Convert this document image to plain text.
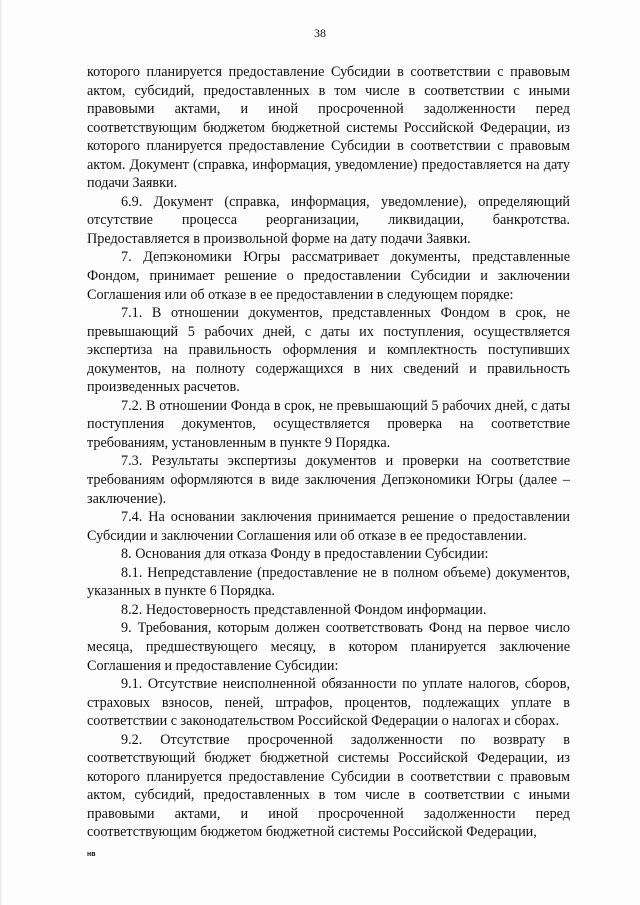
38

которого планируется предоставление Субсидии в соответствии с правовым актом, субсидий, предоставленных в том числе в соответствии с иными правовыми актами, и иной просроченной задолженности перед соответствующим бюджетом бюджетной системы Российской Федерации, из которого планируется предоставление Субсидии в соответствии с правовым актом. Документ (справка, информация, уведомление) предоставляется на дату подачи Заявки.

6.9. Документ (справка, информация, уведомление), определяющий отсутствие процесса реорганизации, ликвидации, банкротства. Предоставляется в произвольной форме на дату подачи Заявки.

7. Депэкономики Югры рассматривает документы, представленные Фондом, принимает решение о предоставлении Субсидии и заключении Соглашения или об отказе в ее предоставлении в следующем порядке:

7.1. В отношении документов, представленных Фондом в срок, не превышающий 5 рабочих дней, с даты их поступления, осуществляется экспертиза на правильность оформления и комплектность поступивших документов, на полноту содержащихся в них сведений и правильность произведенных расчетов.

7.2. В отношении Фонда в срок, не превышающий 5 рабочих дней, с даты поступления документов, осуществляется проверка на соответствие требованиям, установленным в пункте 9 Порядка.

7.3. Результаты экспертизы документов и проверки на соответствие требованиям оформляются в виде заключения Депэкономики Югры (далее – заключение).

7.4. На основании заключения принимается решение о предоставлении Субсидии и заключении Соглашения или об отказе в ее предоставлении.

8. Основания для отказа Фонду в предоставлении Субсидии:

8.1. Непредставление (предоставление не в полном объеме) документов, указанных в пункте 6 Порядка.

8.2. Недостоверность представленной Фондом информации.

9. Требования, которым должен соответствовать Фонд на первое число месяца, предшествующего месяцу, в котором планируется заключение Соглашения и предоставление Субсидии:

9.1. Отсутствие неисполненной обязанности по уплате налогов, сборов, страховых взносов, пеней, штрафов, процентов, подлежащих уплате в соответствии с законодательством Российской Федерации о налогах и сборах.

9.2. Отсутствие просроченной задолженности по возврату в соответствующий бюджет бюджетной системы Российской Федерации, из которого планируется предоставление Субсидии в соответствии с правовым актом, субсидий, предоставленных в том числе в соответствии с иными правовыми актами, и иной просроченной задолженности перед соответствующим бюджетом бюджетной системы Российской Федерации,

нв
